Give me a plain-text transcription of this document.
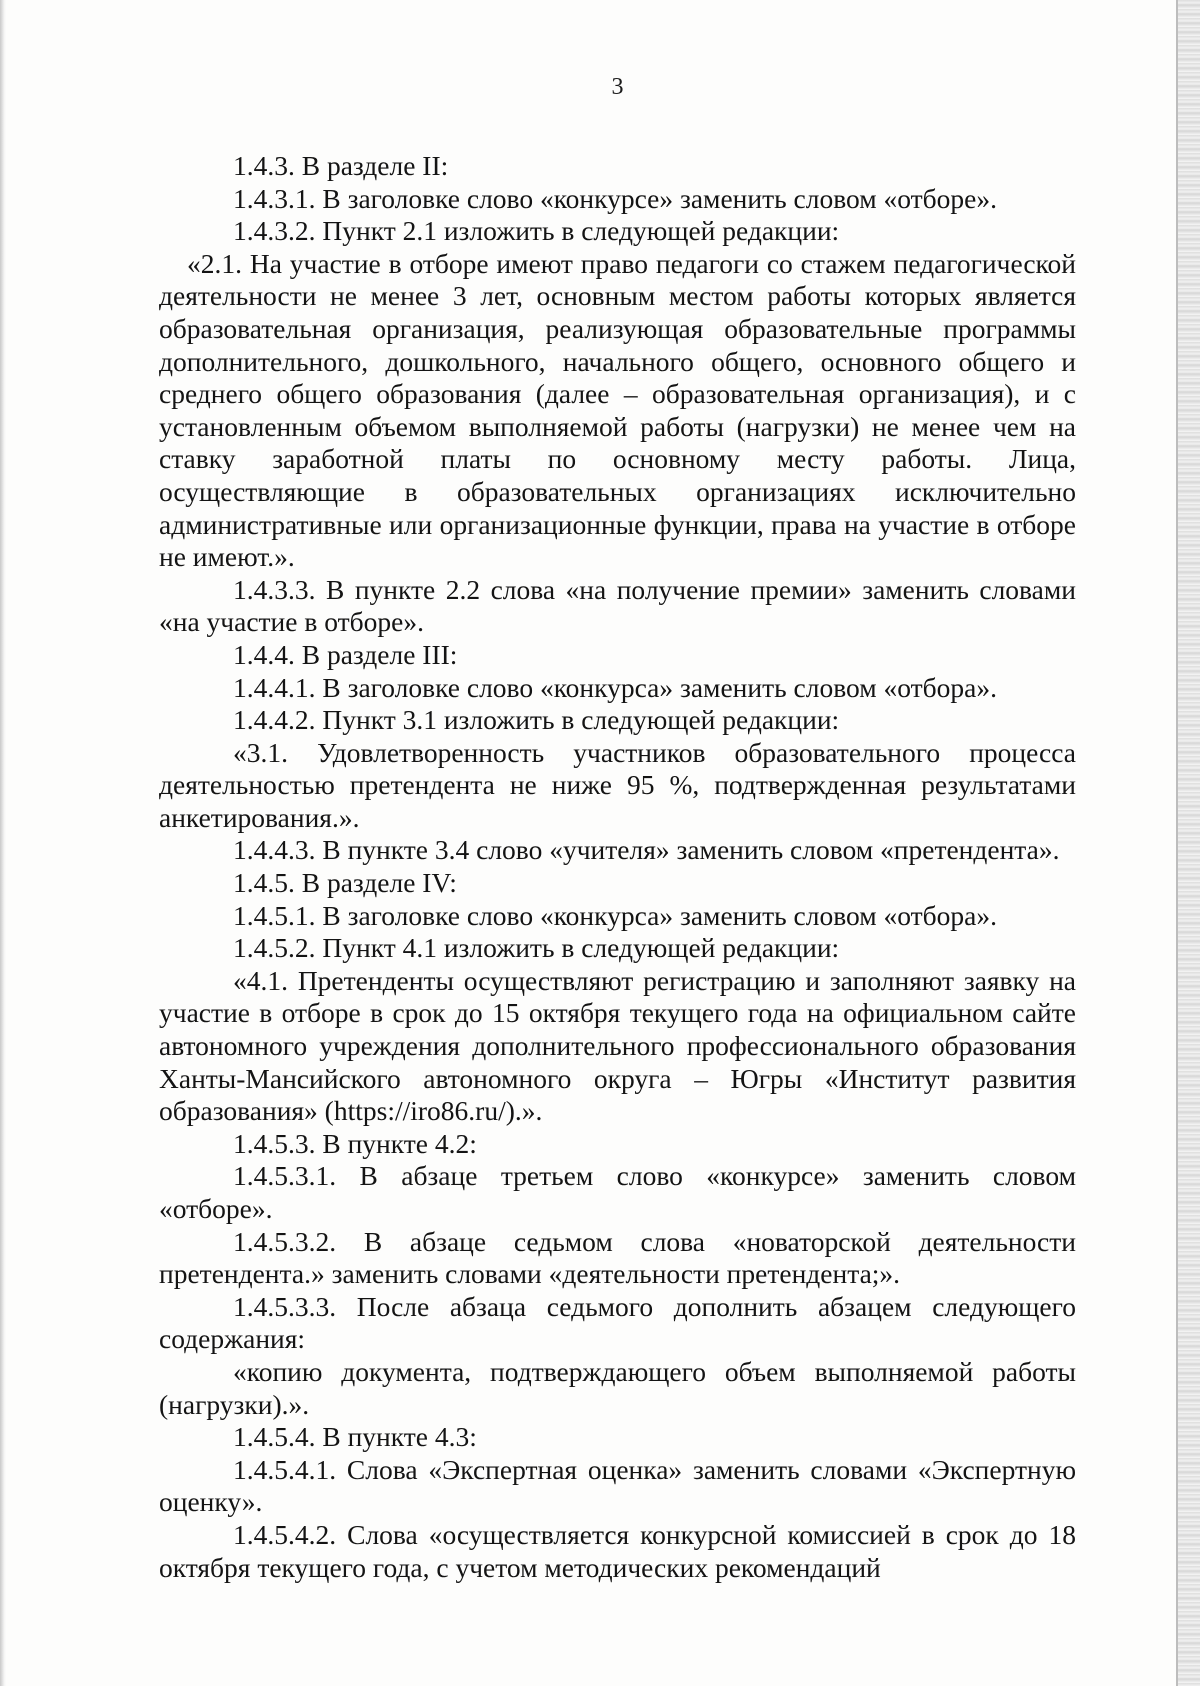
3

1.4.3. В разделе II:

1.4.3.1. В заголовке слово «конкурсе» заменить словом «отборе».

1.4.3.2. Пункт 2.1 изложить в следующей редакции:

«2.1. На участие в отборе имеют право педагоги со стажем педагогической деятельности не менее 3 лет, основным местом работы которых является образовательная организация, реализующая образовательные программы дополнительного, дошкольного, начального общего, основного общего и среднего общего образования (далее – образовательная организация), и с установленным объемом выполняемой работы (нагрузки) не менее чем на ставку заработной платы по основному месту работы. Лица, осуществляющие в образовательных организациях исключительно административные или организационные функции, права на участие в отборе не имеют.».

1.4.3.3. В пункте 2.2 слова «на получение премии» заменить словами «на участие в отборе».

1.4.4. В разделе III:

1.4.4.1. В заголовке слово «конкурса» заменить словом «отбора».

1.4.4.2. Пункт 3.1 изложить в следующей редакции:

«3.1. Удовлетворенность участников образовательного процесса деятельностью претендента не ниже 95 %, подтвержденная результатами анкетирования.».

1.4.4.3. В пункте 3.4 слово «учителя» заменить словом «претендента».

1.4.5. В разделе IV:

1.4.5.1. В заголовке слово «конкурса» заменить словом «отбора».

1.4.5.2. Пункт 4.1 изложить в следующей редакции:

«4.1. Претенденты осуществляют регистрацию и заполняют заявку на участие в отборе в срок до 15 октября текущего года на официальном сайте автономного учреждения дополнительного профессионального образования Ханты-Мансийского автономного округа – Югры «Институт развития образования» (https://iro86.ru/).».

1.4.5.3. В пункте 4.2:

1.4.5.3.1. В абзаце третьем слово «конкурсе» заменить словом «отборе».

1.4.5.3.2. В абзаце седьмом слова «новаторской деятельности претендента.» заменить словами «деятельности претендента;».

1.4.5.3.3. После абзаца седьмого дополнить абзацем следующего содержания:

«копию документа, подтверждающего объем выполняемой работы (нагрузки).».

1.4.5.4. В пункте 4.3:

1.4.5.4.1. Слова «Экспертная оценка» заменить словами «Экспертную оценку».

1.4.5.4.2. Слова «осуществляется конкурсной комиссией в срок до 18 октября текущего года, с учетом методических рекомендаций
